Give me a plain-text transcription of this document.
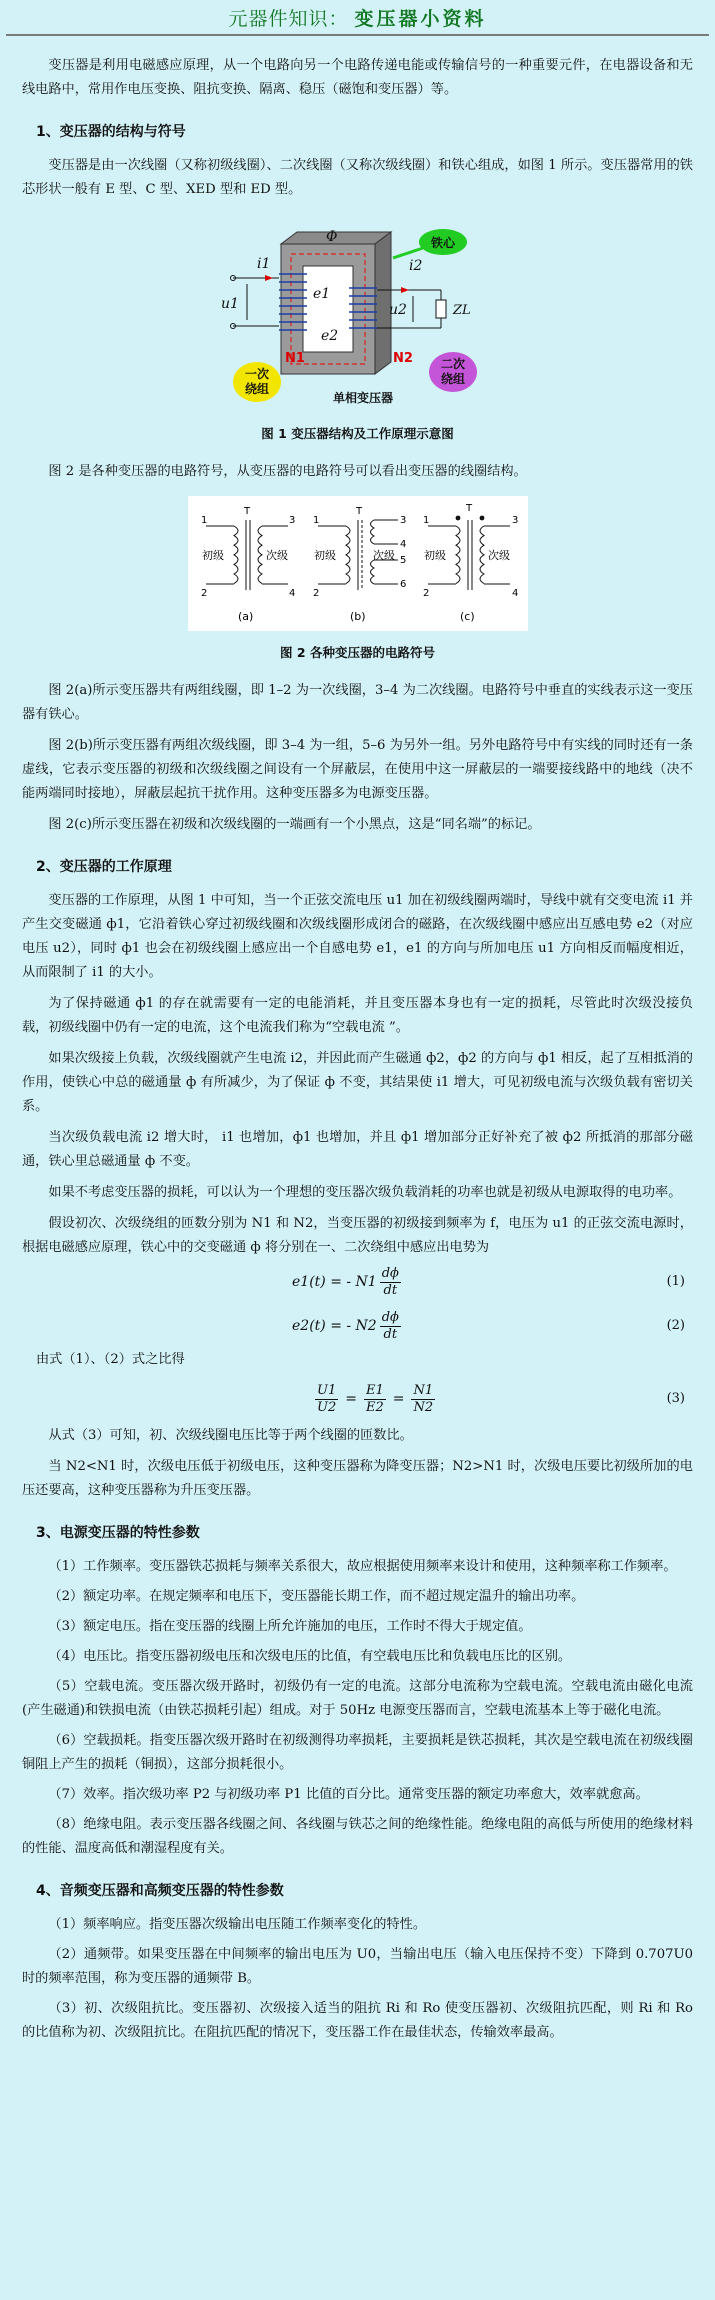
元器件知识： 变压器小资料

变压器是利用电磁感应原理，从一个电路向另一个电路传递电能或传输信号的一种重要元件，在电器设备和无线电路中，常用作电压变换、阻抗变换、隔离、稳压（磁饱和变压器）等。

1、变压器的结构与符号

变压器是由一次线圈（又称初级线圈）、二次线圈（又称次级线圈）和铁心组成，如图 1 所示。变压器常用的铁芯形状一般有 E 型、C 型、XED 型和 ED 型。

铁心
一次
绕组
二次
绕组
Φ
i1
u1
e1
e2
i2
u2	ZL
N1	N2
单相变压器
图 1 变压器结构及工作原理示意图

图 2 是各种变压器的电路符号，从变压器的电路符号可以看出变压器的线圈结构。

1
2
3
4
T
初级	次级
(a)
1
2
3
4
5
6
T
初级	次级
(b)
1
2
3
4
T
初级	次级
(c)
图 2 各种变压器的电路符号

图 2(a)所示变压器共有两组线圈，即 1–2 为一次线圈，3–4 为二次线圈。电路符号中垂直的实线表示这一变压器有铁心。

图 2(b)所示变压器有两组次级线圈，即 3–4 为一组，5–6 为另外一组。另外电路符号中有实线的同时还有一条虚线，它表示变压器的初级和次级线圈之间设有一个屏蔽层，在使用中这一屏蔽层的一端要接线路中的地线（决不能两端同时接地），屏蔽层起抗干扰作用。这种变压器多为电源变压器。

图 2(c)所示变压器在初级和次级线圈的一端画有一个小黑点，这是“同名端”的标记。

2、变压器的工作原理

变压器的工作原理，从图 1 中可知，当一个正弦交流电压 u1 加在初级线圈两端时，导线中就有交变电流 i1 并产生交变磁通 ф1，它沿着铁心穿过初级线圈和次级线圈形成闭合的磁路，在次级线圈中感应出互感电势 e2（对应电压 u2），同时 ф1 也会在初级线圈上感应出一个自感电势 e1，e1 的方向与所加电压 u1 方向相反而幅度相近，从而限制了 i1 的大小。

为了保持磁通 ф1 的存在就需要有一定的电能消耗，并且变压器本身也有一定的损耗，尽管此时次级没接负载，初级线圈中仍有一定的电流，这个电流我们称为“空载电流 ”。

如果次级接上负载，次级线圈就产生电流 i2，并因此而产生磁通 ф2，ф2 的方向与 ф1 相反，起了互相抵消的作用，使铁心中总的磁通量 ф 有所减少，为了保证 ф 不变，其结果使 i1 增大，可见初级电流与次级负载有密切关系。

当次级负载电流 i2 增大时， i1 也增加，ф1 也增加，并且 ф1 增加部分正好补充了被 ф2 所抵消的那部分磁通，铁心里总磁通量 ф 不变。

如果不考虑变压器的损耗，可以认为一个理想的变压器次级负载消耗的功率也就是初级从电源取得的电功率。

假设初次、次级绕组的匝数分别为 N1 和 N2，当变压器的初级接到频率为 f，电压为 u1 的正弦交流电源时，根据电磁感应原理，铁心中的交变磁通 ф 将分别在一、二次绕组中感应出电势为

e1(t) = - $N1 \frac{d\phi}{dt}$	(1)
e2(t) = - $N2 \frac{d\phi}{dt}$	(2)

由式（1）、（2）式之比得

$\frac{U1}{U2} = \frac{E1}{E2} = \frac{N1}{N2}$	(3)

从式（3）可知，初、次级线圈电压比等于两个线圈的匝数比。

当 N2<N1 时，次级电压低于初级电压，这种变压器称为降变压器；N2>N1 时，次级电压要比初级所加的电压还要高，这种变压器称为升压变压器。

3、电源变压器的特性参数

（1）工作频率。变压器铁芯损耗与频率关系很大，故应根据使用频率来设计和使用，这种频率称工作频率。

（2）额定功率。在规定频率和电压下，变压器能长期工作，而不超过规定温升的输出功率。

（3）额定电压。指在变压器的线圈上所允许施加的电压，工作时不得大于规定值。

（4）电压比。指变压器初级电压和次级电压的比值，有空载电压比和负载电压比的区别。

（5）空载电流。变压器次级开路时，初级仍有一定的电流。这部分电流称为空载电流。空载电流由磁化电流(产生磁通)和铁损电流（由铁芯损耗引起）组成。对于 50Hz 电源变压器而言，空载电流基本上等于磁化电流。

（6）空载损耗。指变压器次级开路时在初级测得功率损耗，主要损耗是铁芯损耗，其次是空载电流在初级线圈铜阻上产生的损耗（铜损），这部分损耗很小。

（7）效率。指次级功率 P2 与初级功率 P1 比值的百分比。通常变压器的额定功率愈大，效率就愈高。

（8）绝缘电阻。表示变压器各线圈之间、各线圈与铁芯之间的绝缘性能。绝缘电阻的高低与所使用的绝缘材料的性能、温度高低和潮湿程度有关。

4、音频变压器和高频变压器的特性参数

（1）频率响应。指变压器次级输出电压随工作频率变化的特性。

（2）通频带。如果变压器在中间频率的输出电压为 U0，当输出电压（输入电压保持不变）下降到 0.707U0 时的频率范围，称为变压器的通频带 B。

（3）初、次级阻抗比。变压器初、次级接入适当的阻抗 Ri 和 Ro 使变压器初、次级阻抗匹配，则 Ri 和 Ro 的比值称为初、次级阻抗比。在阻抗匹配的情况下，变压器工作在最佳状态，传输效率最高。
